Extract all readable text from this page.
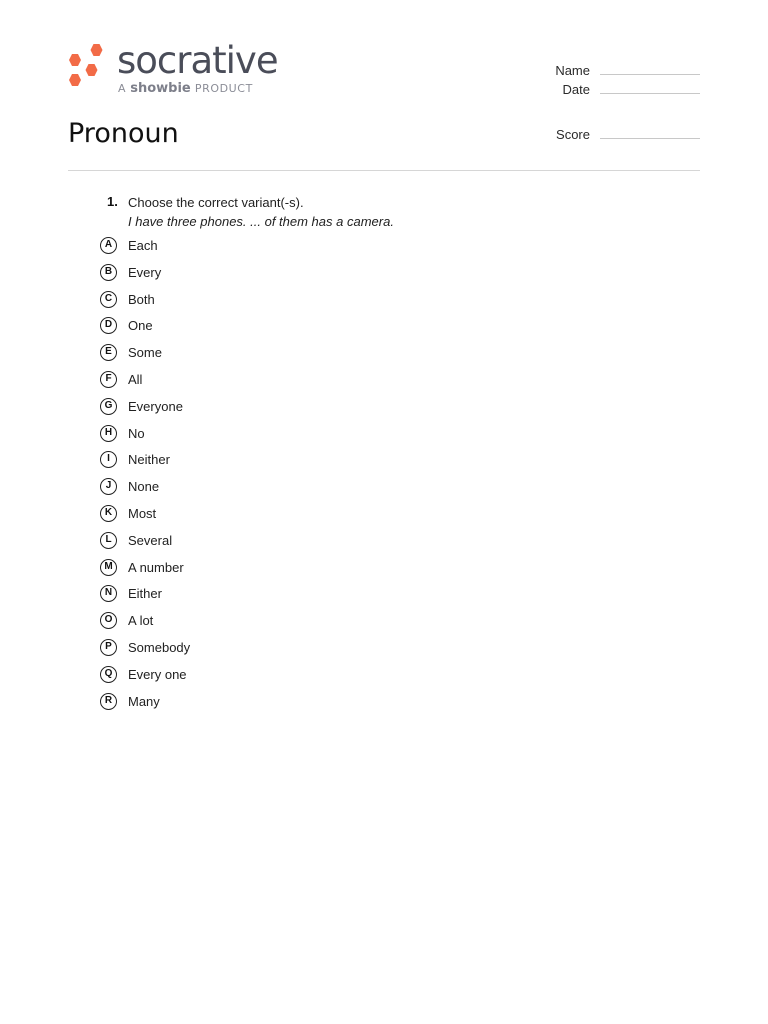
socrative
A showbie PRODUCT
Name
Date
Score
Pronoun
1. Choose the correct variant(-s).
I have three phones. ... of them has a camera.
A	Each
B	Every
C	Both
D	One
E	Some
F	All
G	Everyone
H	No
I	Neither
J	None
K	Most
L	Several
M	A number
N	Either
O	A lot
P	Somebody
Q	Every one
R	Many
